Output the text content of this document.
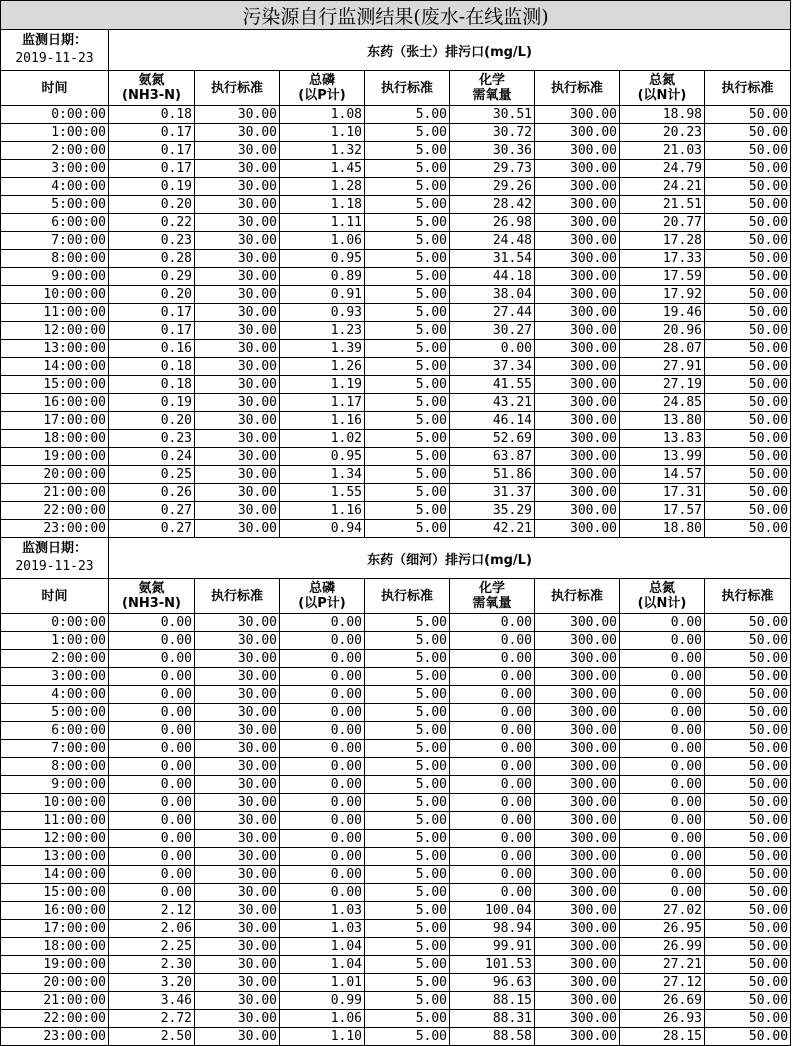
污染源自行监测结果(废水-在线监测)								

监测日期：
2019-11-23	东药（张士）排污口(mg/L)							
时间	氨氮
(NH3-N)	执行标准	总磷
(以P计)	执行标准	化学
需氧量	执行标准	总氮
(以N计)	执行标准
0:00:00	0.18	30.00	1.08	5.00	30.51	300.00	18.98	50.00
1:00:00	0.17	30.00	1.10	5.00	30.72	300.00	20.23	50.00
2:00:00	0.17	30.00	1.32	5.00	30.36	300.00	21.03	50.00
3:00:00	0.17	30.00	1.45	5.00	29.73	300.00	24.79	50.00
4:00:00	0.19	30.00	1.28	5.00	29.26	300.00	24.21	50.00
5:00:00	0.20	30.00	1.18	5.00	28.42	300.00	21.51	50.00
6:00:00	0.22	30.00	1.11	5.00	26.98	300.00	20.77	50.00
7:00:00	0.23	30.00	1.06	5.00	24.48	300.00	17.28	50.00
8:00:00	0.28	30.00	0.95	5.00	31.54	300.00	17.33	50.00
9:00:00	0.29	30.00	0.89	5.00	44.18	300.00	17.59	50.00
10:00:00	0.20	30.00	0.91	5.00	38.04	300.00	17.92	50.00
11:00:00	0.17	30.00	0.93	5.00	27.44	300.00	19.46	50.00
12:00:00	0.17	30.00	1.23	5.00	30.27	300.00	20.96	50.00
13:00:00	0.16	30.00	1.39	5.00	0.00	300.00	28.07	50.00
14:00:00	0.18	30.00	1.26	5.00	37.34	300.00	27.91	50.00
15:00:00	0.18	30.00	1.19	5.00	41.55	300.00	27.19	50.00
16:00:00	0.19	30.00	1.17	5.00	43.21	300.00	24.85	50.00
17:00:00	0.20	30.00	1.16	5.00	46.14	300.00	13.80	50.00
18:00:00	0.23	30.00	1.02	5.00	52.69	300.00	13.83	50.00
19:00:00	0.24	30.00	0.95	5.00	63.87	300.00	13.99	50.00
20:00:00	0.25	30.00	1.34	5.00	51.86	300.00	14.57	50.00
21:00:00	0.26	30.00	1.55	5.00	31.37	300.00	17.31	50.00
22:00:00	0.27	30.00	1.16	5.00	35.29	300.00	17.57	50.00
23:00:00	0.27	30.00	0.94	5.00	42.21	300.00	18.80	50.00

监测日期：
2019-11-23	东药（细河）排污口(mg/L)							
时间	氨氮
(NH3-N)	执行标准	总磷
(以P计)	执行标准	化学
需氧量	执行标准	总氮
(以N计)	执行标准
0:00:00	0.00	30.00	0.00	5.00	0.00	300.00	0.00	50.00
1:00:00	0.00	30.00	0.00	5.00	0.00	300.00	0.00	50.00
2:00:00	0.00	30.00	0.00	5.00	0.00	300.00	0.00	50.00
3:00:00	0.00	30.00	0.00	5.00	0.00	300.00	0.00	50.00
4:00:00	0.00	30.00	0.00	5.00	0.00	300.00	0.00	50.00
5:00:00	0.00	30.00	0.00	5.00	0.00	300.00	0.00	50.00
6:00:00	0.00	30.00	0.00	5.00	0.00	300.00	0.00	50.00
7:00:00	0.00	30.00	0.00	5.00	0.00	300.00	0.00	50.00
8:00:00	0.00	30.00	0.00	5.00	0.00	300.00	0.00	50.00
9:00:00	0.00	30.00	0.00	5.00	0.00	300.00	0.00	50.00
10:00:00	0.00	30.00	0.00	5.00	0.00	300.00	0.00	50.00
11:00:00	0.00	30.00	0.00	5.00	0.00	300.00	0.00	50.00
12:00:00	0.00	30.00	0.00	5.00	0.00	300.00	0.00	50.00
13:00:00	0.00	30.00	0.00	5.00	0.00	300.00	0.00	50.00
14:00:00	0.00	30.00	0.00	5.00	0.00	300.00	0.00	50.00
15:00:00	0.00	30.00	0.00	5.00	0.00	300.00	0.00	50.00
16:00:00	2.12	30.00	1.03	5.00	100.04	300.00	27.02	50.00
17:00:00	2.06	30.00	1.03	5.00	98.94	300.00	26.95	50.00
18:00:00	2.25	30.00	1.04	5.00	99.91	300.00	26.99	50.00
19:00:00	2.30	30.00	1.04	5.00	101.53	300.00	27.21	50.00
20:00:00	3.20	30.00	1.01	5.00	96.63	300.00	27.12	50.00
21:00:00	3.46	30.00	0.99	5.00	88.15	300.00	26.69	50.00
22:00:00	2.72	30.00	1.06	5.00	88.31	300.00	26.93	50.00
23:00:00	2.50	30.00	1.10	5.00	88.58	300.00	28.15	50.00
